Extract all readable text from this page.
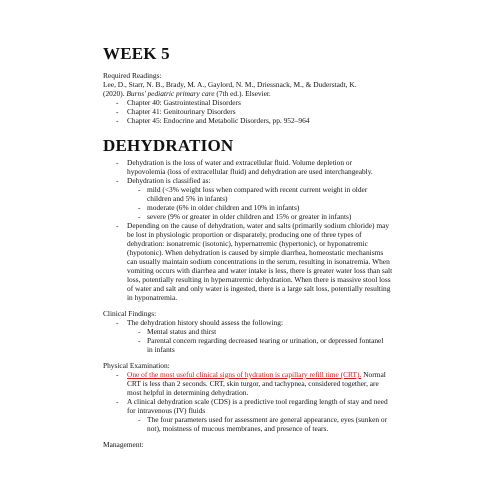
WEEK 5
Required Readings:
Lee, D., Starr, N. B., Brady, M. A., Gaylord, N. M., Driessnack, M., & Duderstadt, K.
(2020). Burns' pediatric primary care (7th ed.). Elsevier.
- Chapter 40: Gastrointestinal Disorders
- Chapter 41: Genitourinary Disorders
- Chapter 45: Endocrine and Metabolic Disorders, pp. 952–964
DEHYDRATION
- Dehydration is the loss of water and extracellular fluid. Volume depletion or
hypovolemia (loss of extracellular fluid) and dehydration are used interchangeably.
- Dehydration is classified as:
- mild (<3% weight loss when compared with recent current weight in older
children and 5% in infants)
- moderate (6% in older children and 10% in infants)
- severe (9% or greater in older children and 15% or greater in infants)
- Depending on the cause of dehydration, water and salts (primarily sodium chloride) may
be lost in physiologic proportion or disparately, producing one of three types of
dehydration: isonatremic (isotonic), hypernatremic (hypertonic), or hyponatremic
(hypotonic). When dehydration is caused by simple diarrhea, homeostatic mechanisms
can usually maintain sodium concentrations in the serum, resulting in isonatremia. When
vomiting occurs with diarrhea and water intake is less, there is greater water loss than salt
loss, potentially resulting in hypernatremic dehydration. When there is massive stool loss
of water and salt and only water is ingested, there is a large salt loss, potentially resulting
in hyponatremia.
Clinical Findings:
- The dehydration history should assess the following:
- Mental status and thirst
- Parental concern regarding decreased tearing or urination, or depressed fontanel
in infants
Physical Examination:
- One of the most useful clinical signs of hydration is capillary refill time (CRT). Normal
CRT is less than 2 seconds. CRT, skin turgor, and tachypnea, considered together, are
most helpful in determining dehydration.
- A clinical dehydration scale (CDS) is a predictive tool regarding length of stay and need
for intravenous (IV) fluids
- The four parameters used for assessment are general appearance, eyes (sunken or
not), moistness of mucous membranes, and presence of tears.
Management:
